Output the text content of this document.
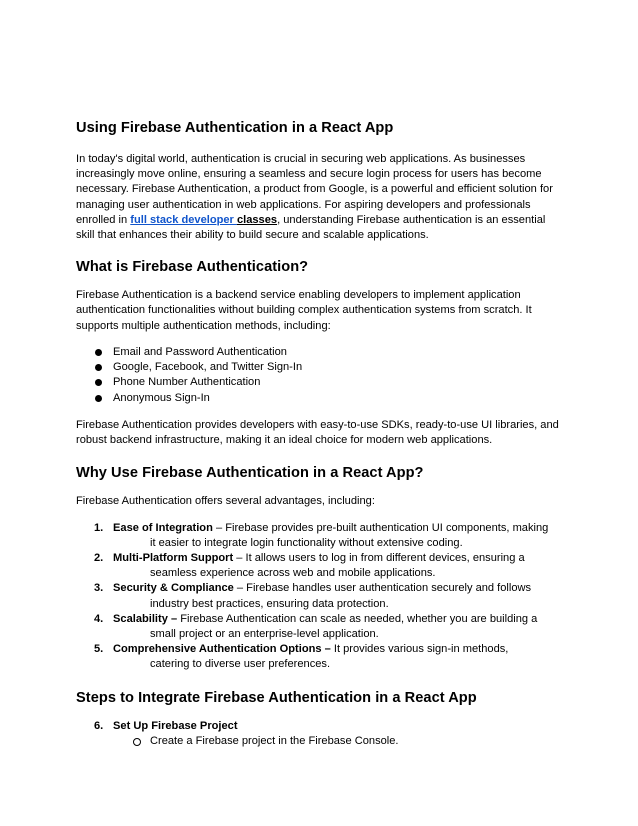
Using Firebase Authentication in a React App

In today's digital world, authentication is crucial in securing web applications. As businesses increasingly move online, ensuring a seamless and secure login process for users has become necessary. Firebase Authentication, a product from Google, is a powerful and efficient solution for managing user authentication in web applications. For aspiring developers and professionals enrolled in full stack developer classes, understanding Firebase authentication is an essential skill that enhances their ability to build secure and scalable applications.

What is Firebase Authentication?

Firebase Authentication is a backend service enabling developers to implement application authentication functionalities without building complex authentication systems from scratch. It supports multiple authentication methods, including:

Email and Password Authentication
Google, Facebook, and Twitter Sign-In
Phone Number Authentication
Anonymous Sign-In

Firebase Authentication provides developers with easy-to-use SDKs, ready-to-use UI libraries, and robust backend infrastructure, making it an ideal choice for modern web applications.

Why Use Firebase Authentication in a React App?

Firebase Authentication offers several advantages, including:

1. Ease of Integration – Firebase provides pre-built authentication UI components, making
it easier to integrate login functionality without extensive coding.
2. Multi-Platform Support – It allows users to log in from different devices, ensuring a
seamless experience across web and mobile applications.
3. Security & Compliance – Firebase handles user authentication securely and follows
industry best practices, ensuring data protection.
4. Scalability – Firebase Authentication can scale as needed, whether you are building a
small project or an enterprise-level application.
5. Comprehensive Authentication Options – It provides various sign-in methods,
catering to diverse user preferences.
Steps to Integrate Firebase Authentication in a React App
6. Set Up Firebase Project
Create a Firebase project in the Firebase Console.
